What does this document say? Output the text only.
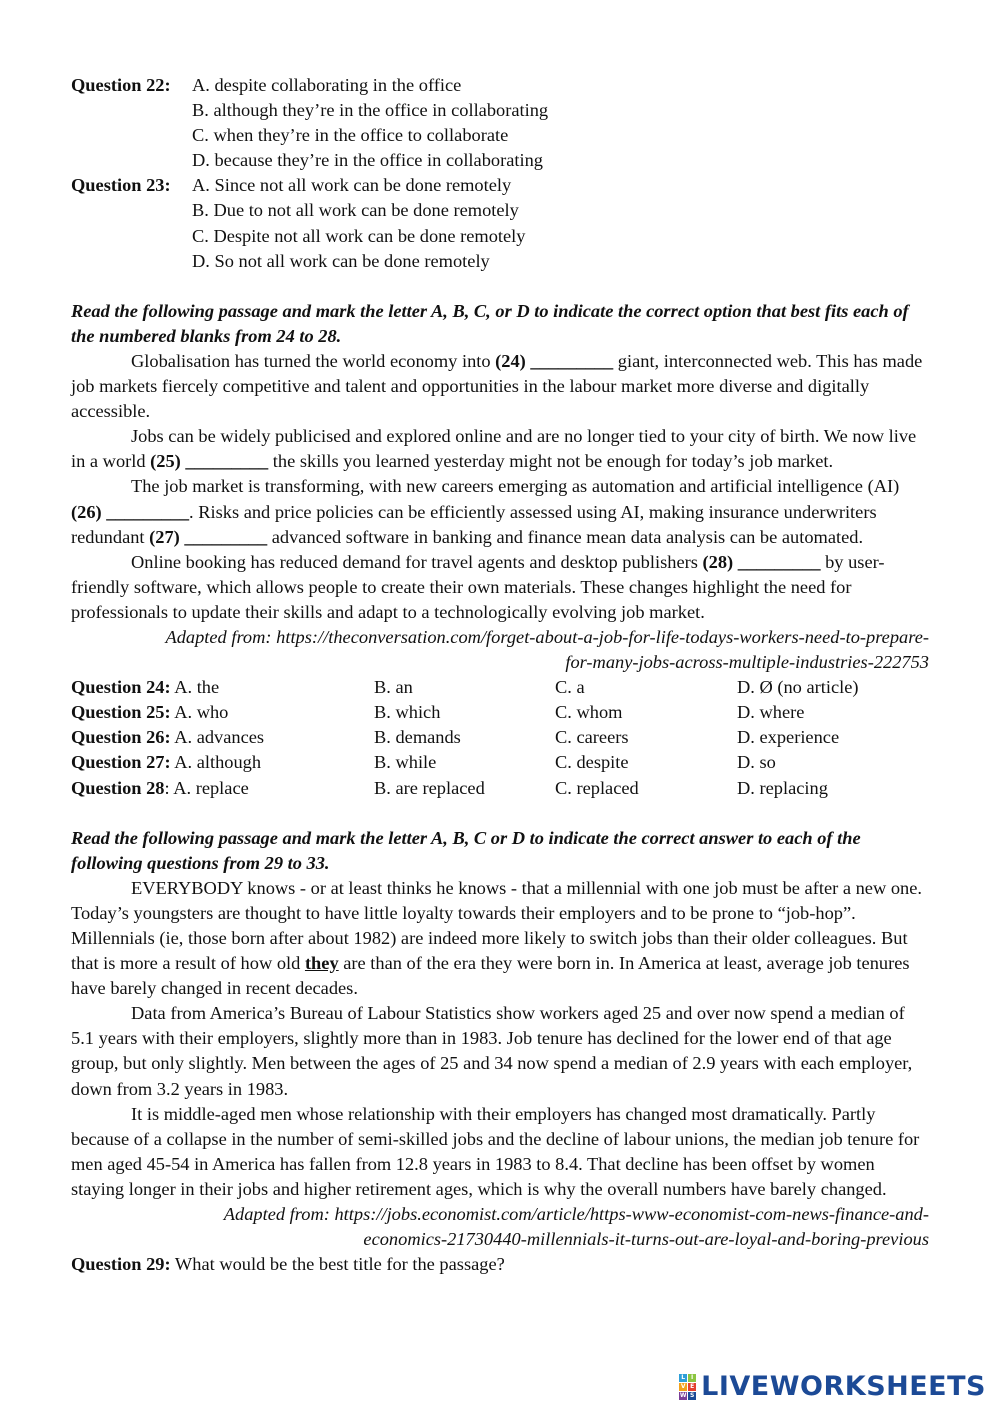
Question 22:	A. despite collaborating in the office
B. although they’re in the office in collaborating
C. when they’re in the office to collaborate
D. because they’re in the office in collaborating
Question 23:	A. Since not all work can be done remotely
B. Due to not all work can be done remotely
C. Despite not all work can be done remotely
D. So not all work can be done remotely

Read the following passage and mark the letter A, B, C, or D to indicate the correct option that best fits each of the numbered blanks from 24 to 28.

Globalisation has turned the world economy into (24) _________ giant, interconnected web. This has made job markets fiercely competitive and talent and opportunities in the labour market more diverse and digitally accessible.

Jobs can be widely publicised and explored online and are no longer tied to your city of birth. We now live in a world (25) _________ the skills you learned yesterday might not be enough for today’s job market.

The job market is transforming, with new careers emerging as automation and artificial intelligence (AI) (26) _________. Risks and price policies can be efficiently assessed using AI, making insurance underwriters redundant (27) _________ advanced software in banking and finance mean data analysis can be automated.

Online booking has reduced demand for travel agents and desktop publishers (28) _________ by user-friendly software, which allows people to create their own materials. These changes highlight the need for professionals to update their skills and adapt to a technologically evolving job market.

Adapted from: https://theconversation.com/forget-about-a-job-for-life-todays-workers-need-to-prepare-
for-many-jobs-across-multiple-industries-222753
Question 24: A. the	B. an	C. a	D. Ø (no article)
Question 25: A. who	B. which	C. whom	D. where
Question 26: A. advances	B. demands	C. careers	D. experience
Question 27: A. although	B. while	C. despite	D. so
Question 28: A. replace	B. are replaced	C. replaced	D. replacing

Read the following passage and mark the letter A, B, C or D to indicate the correct answer to each of the following questions from 29 to 33.

EVERYBODY knows - or at least thinks he knows - that a millennial with one job must be after a new one. Today’s youngsters are thought to have little loyalty towards their employers and to be prone to “job-hop”. Millennials (ie, those born after about 1982) are indeed more likely to switch jobs than their older colleagues. But that is more a result of how old they are than of the era they were born in. In America at least, average job tenures have barely changed in recent decades.

Data from America’s Bureau of Labour Statistics show workers aged 25 and over now spend a median of 5.1 years with their employers, slightly more than in 1983. Job tenure has declined for the lower end of that age group, but only slightly. Men between the ages of 25 and 34 now spend a median of 2.9 years with each employer, down from 3.2 years in 1983.

It is middle-aged men whose relationship with their employers has changed most dramatically. Partly because of a collapse in the number of semi-skilled jobs and the decline of labour unions, the median job tenure for men aged 45-54 in America has fallen from 12.8 years in 1983 to 8.4. That decline has been offset by women staying longer in their jobs and higher retirement ages, which is why the overall numbers have barely changed.

Adapted from: https://jobs.economist.com/article/https-www-economist-com-news-finance-and-
economics-21730440-millennials-it-turns-out-are-loyal-and-boring-previous
Question 29: What would be the best title for the passage?
L I
V E
W S LIVEWORKSHEETS
